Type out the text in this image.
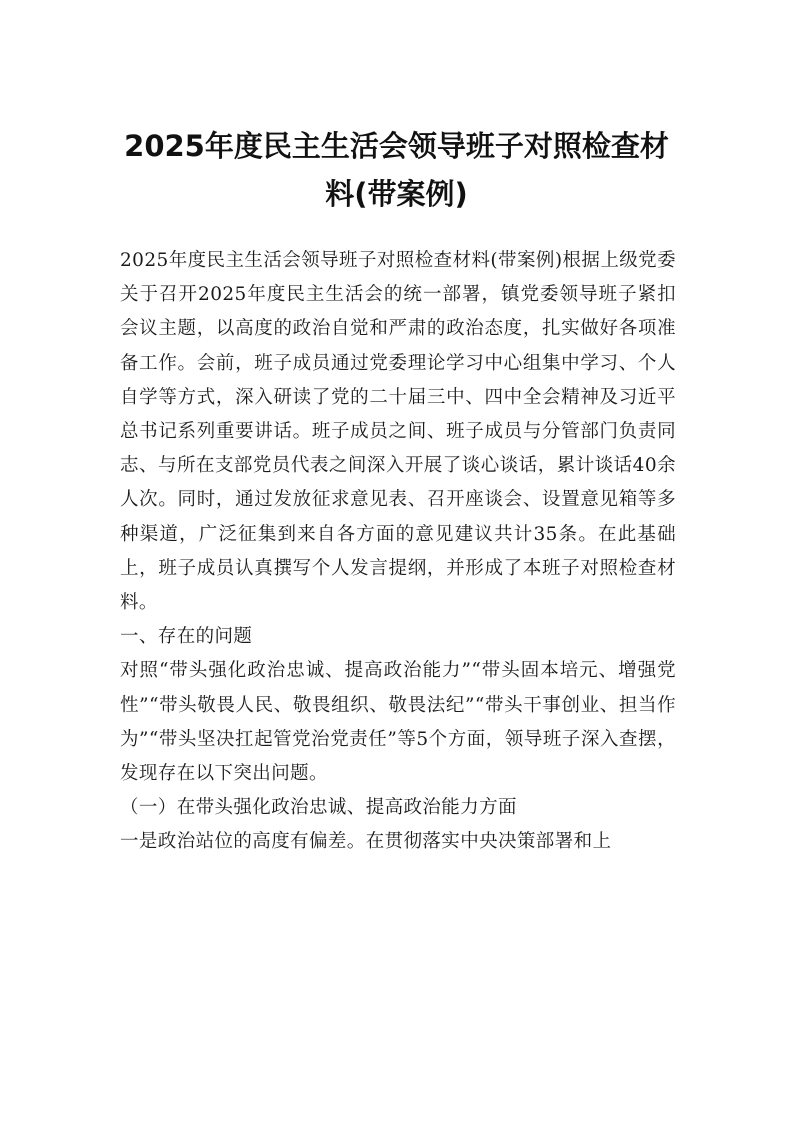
2025年度民主生活会领导班子对照检查材料(带案例)

2025年度民主生活会领导班子对照检查材料(带案例)根据上级党委关于召开2025年度民主生活会的统一部署，镇党委领导班子紧扣会议主题，以高度的政治自觉和严肃的政治态度，扎实做好各项准备工作。会前，班子成员通过党委理论学习中心组集中学习、个人自学等方式，深入研读了党的二十届三中、四中全会精神及习近平总书记系列重要讲话。班子成员之间、班子成员与分管部门负责同志、与所在支部党员代表之间深入开展了谈心谈话，累计谈话40余人次。同时，通过发放征求意见表、召开座谈会、设置意见箱等多种渠道，广泛征集到来自各方面的意见建议共计35条。在此基础上，班子成员认真撰写个人发言提纲，并形成了本班子对照检查材料。

一、存在的问题

对照“带头强化政治忠诚、提高政治能力”“带头固本培元、增强党性”“带头敬畏人民、敬畏组织、敬畏法纪”“带头干事创业、担当作为”“带头坚决扛起管党治党责任”等5个方面，领导班子深入查摆，发现存在以下突出问题。

（一）在带头强化政治忠诚、提高政治能力方面

一是政治站位的高度有偏差。在贯彻落实中央决策部署和上
